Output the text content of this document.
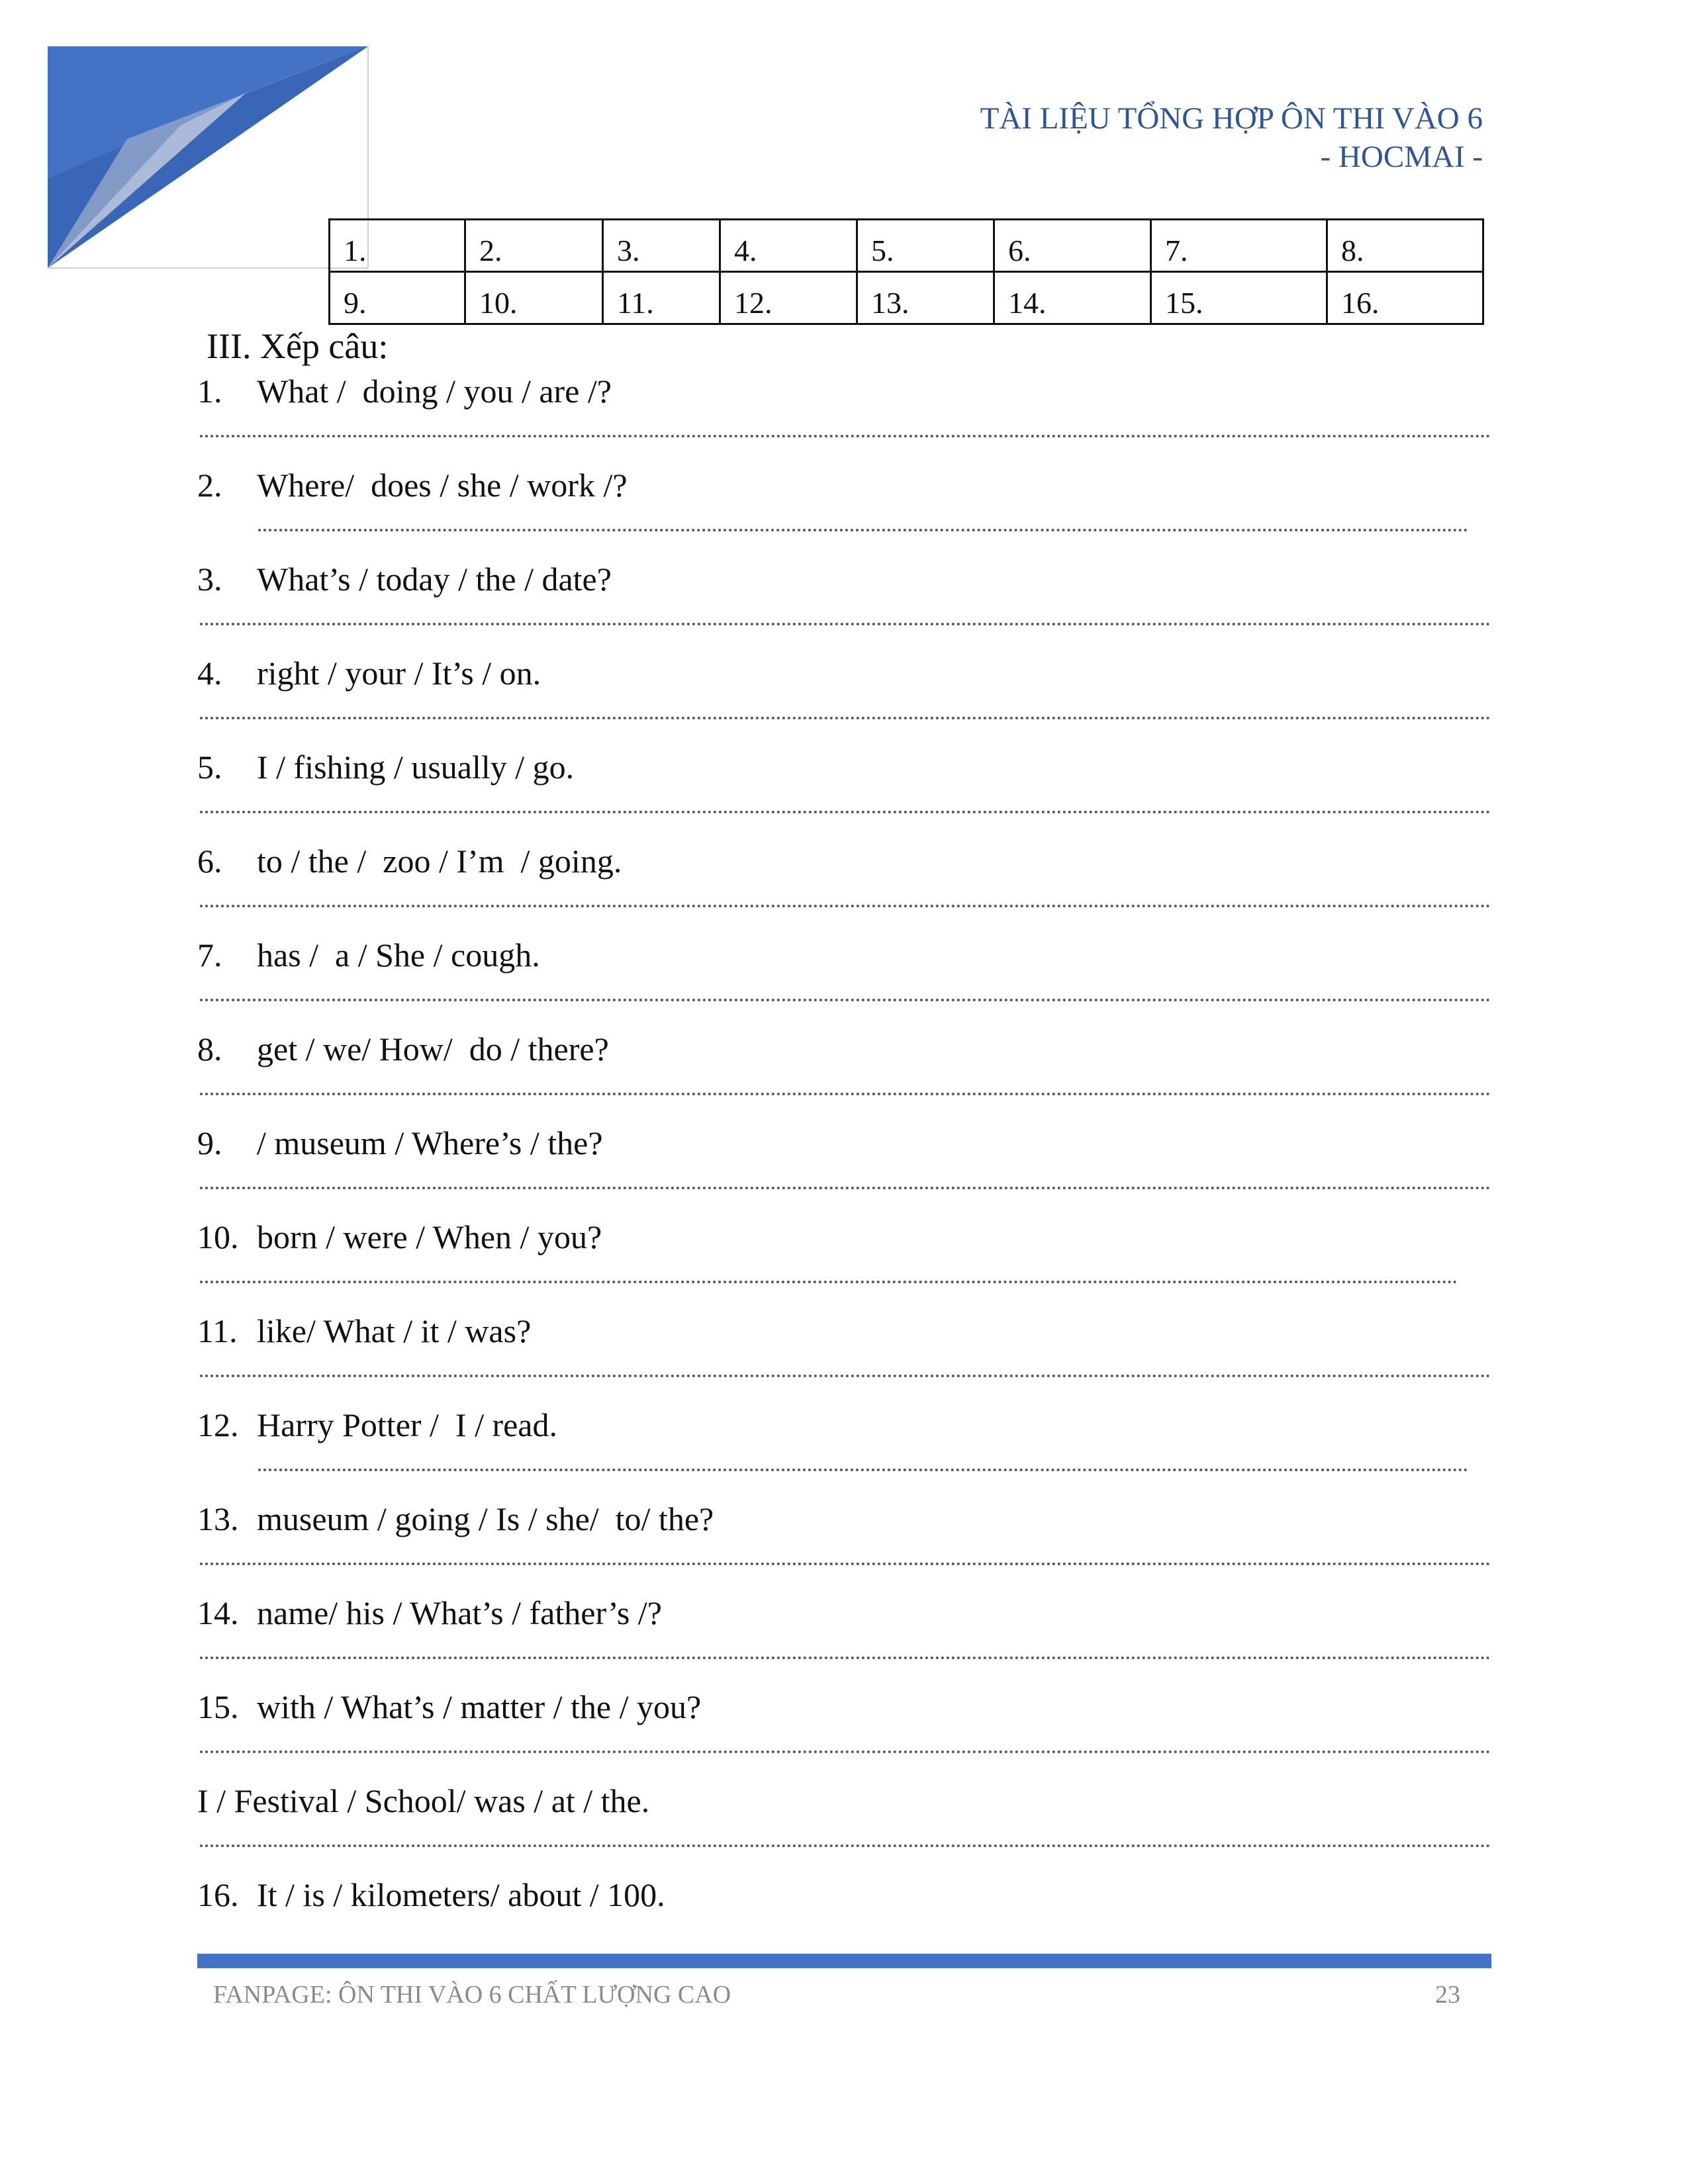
TÀI LIỆU TỔNG HỢP ÔN THI VÀO 6
- HOCMAI -
1.	2.	3.	4.	5.	6.	7.	8.
9.	10.	11.	12.	13.	14.	15.	16.
III. Xếp câu:
1. What /  doing / you / are /?
2. Where/  does / she / work /?
3. What’s / today / the / date?
4. right / your / It’s / on.
5. I / fishing / usually / go.
6. to / the /  zoo / I’m  / going.
7. has /  a / She / cough.
8. get / we/ How/  do / there?
9. / museum / Where’s / the?
10. born / were / When / you?
11. like/ What / it / was?
12. Harry Potter /  I / read.
13. museum / going / Is / she/  to/ the?
14. name/ his / What’s / father’s /?
15. with / What’s / matter / the / you?
I / Festival / School/ was / at / the.
16. It / is / kilometers/ about / 100.
FANPAGE: ÔN THI VÀO 6 CHẤT LƯỢNG CAO	23
